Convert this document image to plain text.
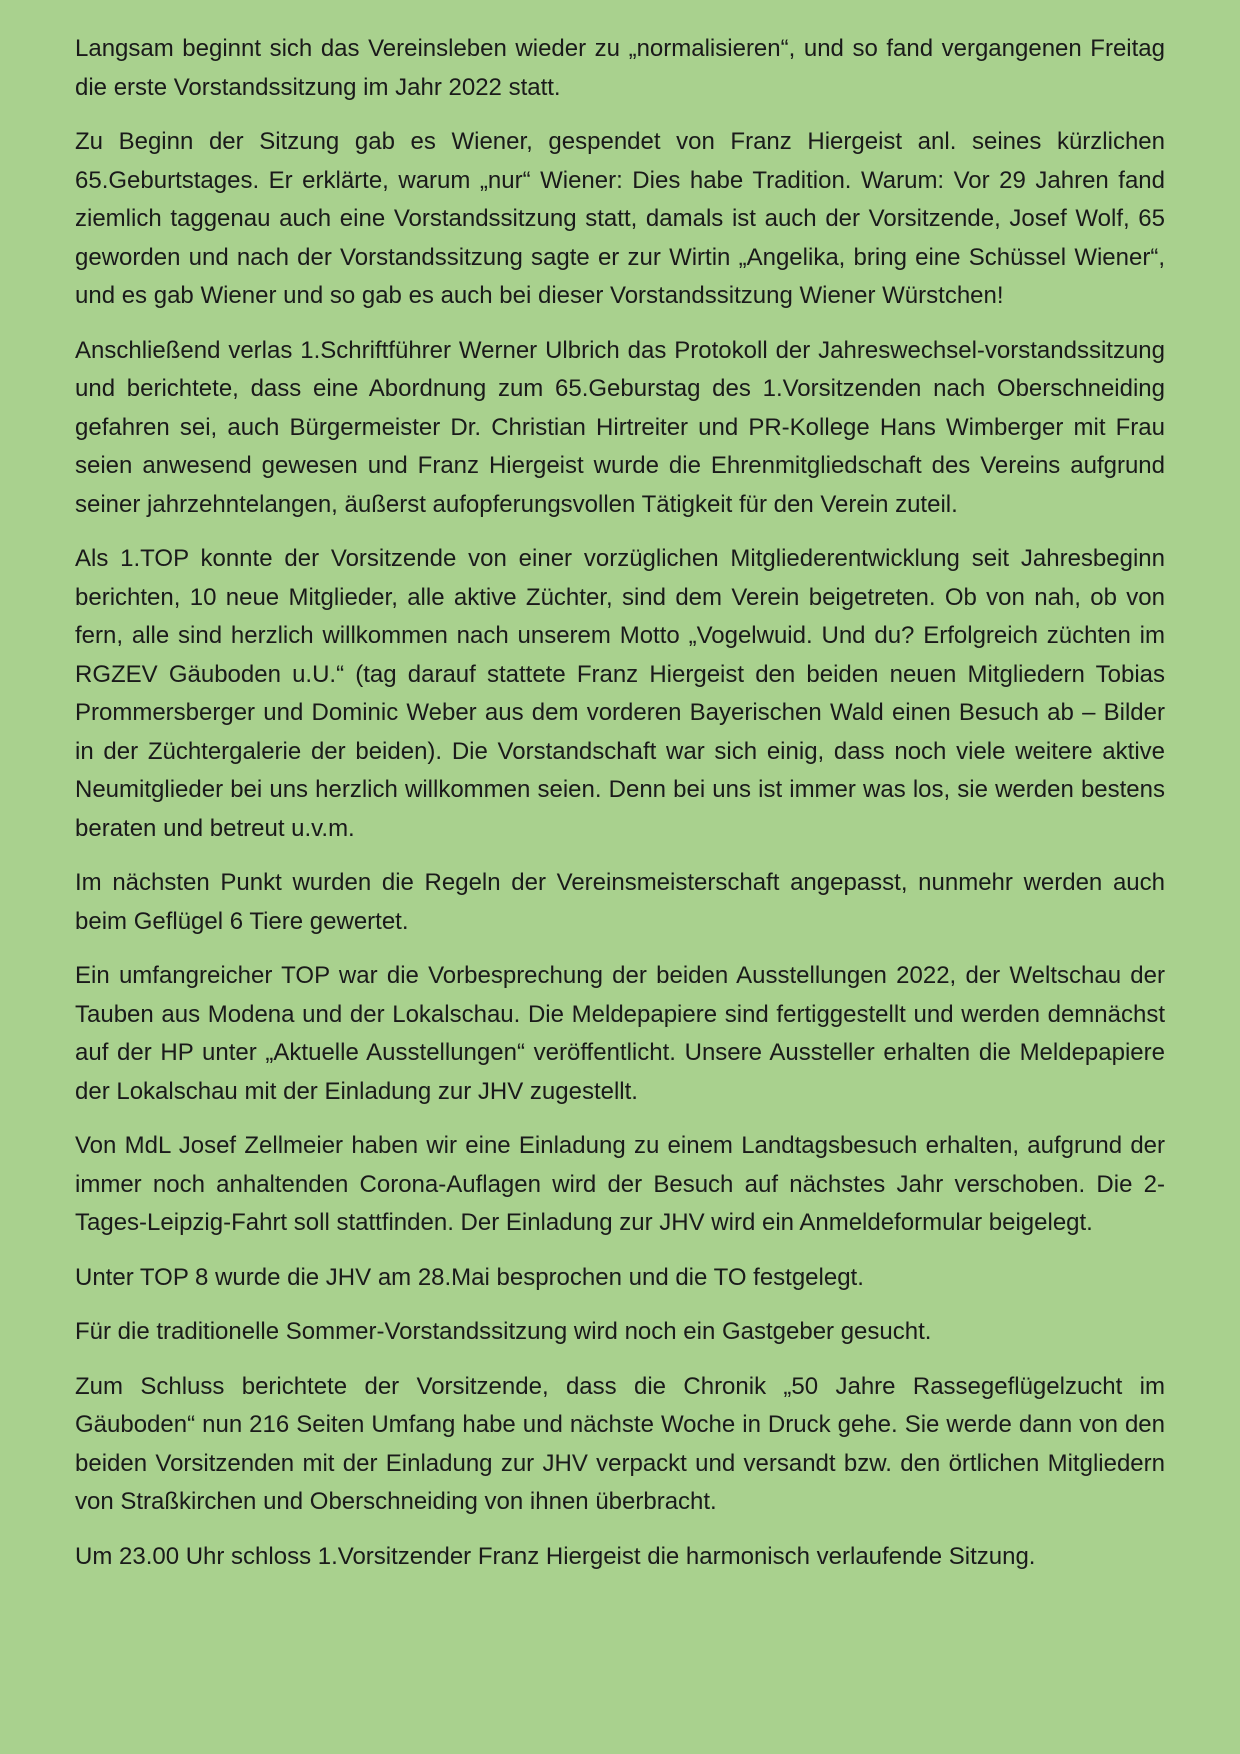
Langsam beginnt sich das Vereinsleben wieder zu „normalisieren“, und so fand vergangenen Freitag die erste Vorstandssitzung im Jahr 2022 statt.

Zu Beginn der Sitzung gab es Wiener, gespendet von Franz Hiergeist anl. seines kürzlichen 65.Geburtstages. Er erklärte, warum „nur“ Wiener: Dies habe Tradition. Warum: Vor 29 Jahren fand ziemlich taggenau auch eine Vorstandssitzung statt, damals ist auch der Vorsitzende, Josef Wolf, 65 geworden und nach der Vorstandssitzung sagte er zur Wirtin „Angelika, bring eine Schüssel Wiener“, und es gab Wiener und so gab es auch bei dieser Vorstandssitzung Wiener Würstchen!

Anschließend verlas 1.Schriftführer Werner Ulbrich das Protokoll der Jahreswechsel-vorstandssitzung und berichtete, dass eine Abordnung zum 65.Geburstag des 1.Vorsitzenden nach Oberschneiding gefahren sei, auch Bürgermeister Dr. Christian Hirtreiter und PR-Kollege Hans Wimberger mit Frau seien anwesend gewesen und Franz Hiergeist wurde die Ehrenmitgliedschaft des Vereins aufgrund seiner jahrzehntelangen, äußerst aufopferungsvollen Tätigkeit für den Verein zuteil.

Als 1.TOP konnte der Vorsitzende von einer vorzüglichen Mitgliederentwicklung seit Jahresbeginn berichten, 10 neue Mitglieder, alle aktive Züchter, sind dem Verein beigetreten. Ob von nah, ob von fern, alle sind herzlich willkommen nach unserem Motto „Vogelwuid. Und du? Erfolgreich züchten im RGZEV Gäuboden u.U.“ (tag darauf stattete Franz Hiergeist den beiden neuen Mitgliedern Tobias Prommersberger und Dominic Weber aus dem vorderen Bayerischen Wald einen Besuch ab – Bilder in der Züchtergalerie der beiden). Die Vorstandschaft war sich einig, dass noch viele weitere aktive Neumitglieder bei uns herzlich willkommen seien. Denn bei uns ist immer was los, sie werden bestens beraten und betreut u.v.m.

Im nächsten Punkt wurden die Regeln der Vereinsmeisterschaft angepasst, nunmehr werden auch beim Geflügel 6 Tiere gewertet.

Ein umfangreicher TOP war die Vorbesprechung der beiden Ausstellungen 2022, der Weltschau der Tauben aus Modena und der Lokalschau. Die Meldepapiere sind fertiggestellt und werden demnächst auf der HP unter „Aktuelle Ausstellungen“ veröffentlicht. Unsere Aussteller erhalten die Meldepapiere der Lokalschau mit der Einladung zur JHV zugestellt.

Von MdL Josef Zellmeier haben wir eine Einladung zu einem Landtagsbesuch erhalten, aufgrund der immer noch anhaltenden Corona-Auflagen wird der Besuch auf nächstes Jahr verschoben. Die 2-Tages-Leipzig-Fahrt soll stattfinden. Der Einladung zur JHV wird ein Anmeldeformular beigelegt.

Unter TOP 8 wurde die JHV am 28.Mai besprochen und die TO festgelegt.

Für die traditionelle Sommer-Vorstandssitzung wird noch ein Gastgeber gesucht.

Zum Schluss berichtete der Vorsitzende, dass die Chronik „50 Jahre Rassegeflügelzucht im Gäuboden“ nun 216 Seiten Umfang habe und nächste Woche in Druck gehe. Sie werde dann von den beiden Vorsitzenden mit der Einladung zur JHV verpackt und versandt bzw. den örtlichen Mitgliedern von Straßkirchen und Oberschneiding von ihnen überbracht.

Um 23.00 Uhr schloss 1.Vorsitzender Franz Hiergeist die harmonisch verlaufende Sitzung.
